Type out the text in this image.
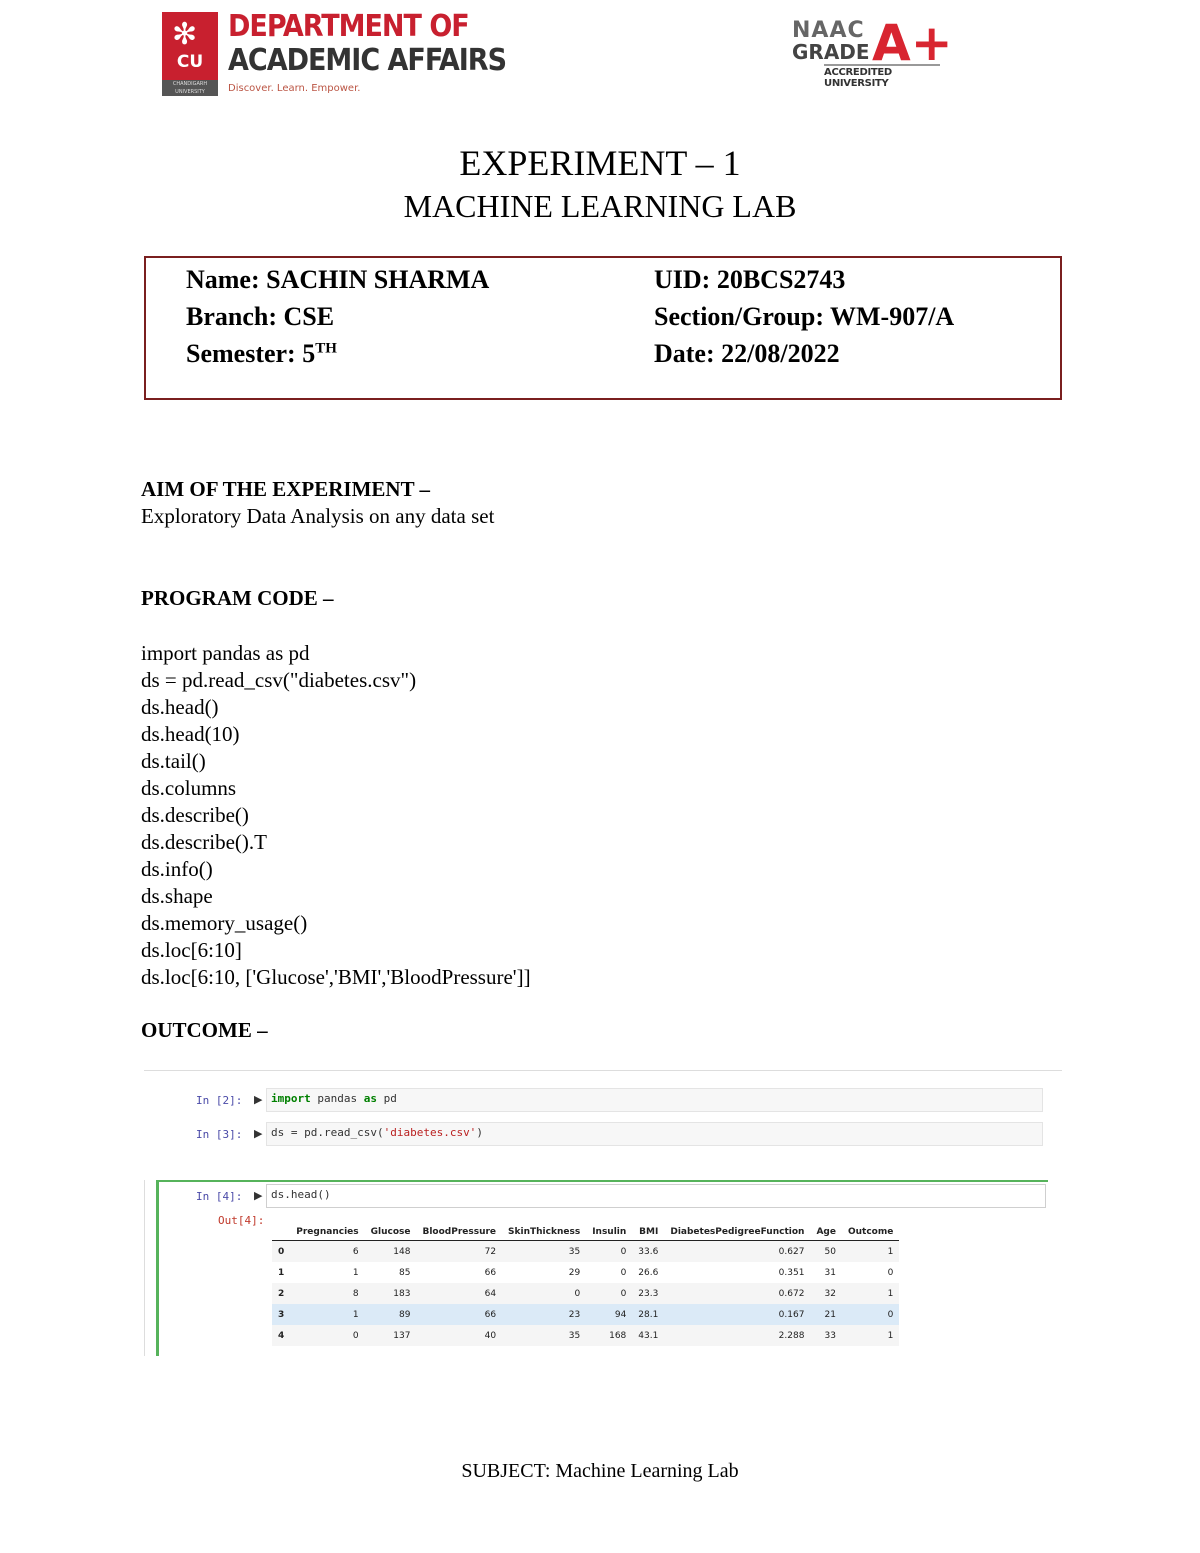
✻
CU
CHANDIGARH UNIVERSITY
DEPARTMENT OF
ACADEMIC AFFAIRS
Discover. Learn. Empower.
NAAC
GRADE A+
ACCREDITED UNIVERSITY
EXPERIMENT – 1
MACHINE LEARNING LAB
Name: SACHIN SHARMA	UID: 20BCS2743
Branch: CSE	Section/Group: WM-907/A
Semester: 5TH	Date: 22/08/2022
AIM OF THE EXPERIMENT –
Exploratory Data Analysis on any data set
PROGRAM CODE –
import pandas as pd
ds = pd.read_csv("diabetes.csv")
ds.head()
ds.head(10)
ds.tail()
ds.columns
ds.describe()
ds.describe().T
ds.info()
ds.shape
ds.memory_usage()
ds.loc[6:10]
ds.loc[6:10, ['Glucose','BMI','BloodPressure']]
OUTCOME –
In [2]: ▶ import pandas as pd
In [3]: ▶ ds = pd.read_csv('diabetes.csv')
In [4]: ▶ ds.head()
Out[4]:
	Pregnancies	Glucose	BloodPressure	SkinThickness	Insulin	BMI	DiabetesPedigreeFunction	Age	Outcome
0	6	148	72	35	0	33.6	0.627	50	1
1	1	85	66	29	0	26.6	0.351	31	0
2	8	183	64	0	0	23.3	0.672	32	1
3	1	89	66	23	94	28.1	0.167	21	0
4	0	137	40	35	168	43.1	2.288	33	1
SUBJECT: Machine Learning Lab
